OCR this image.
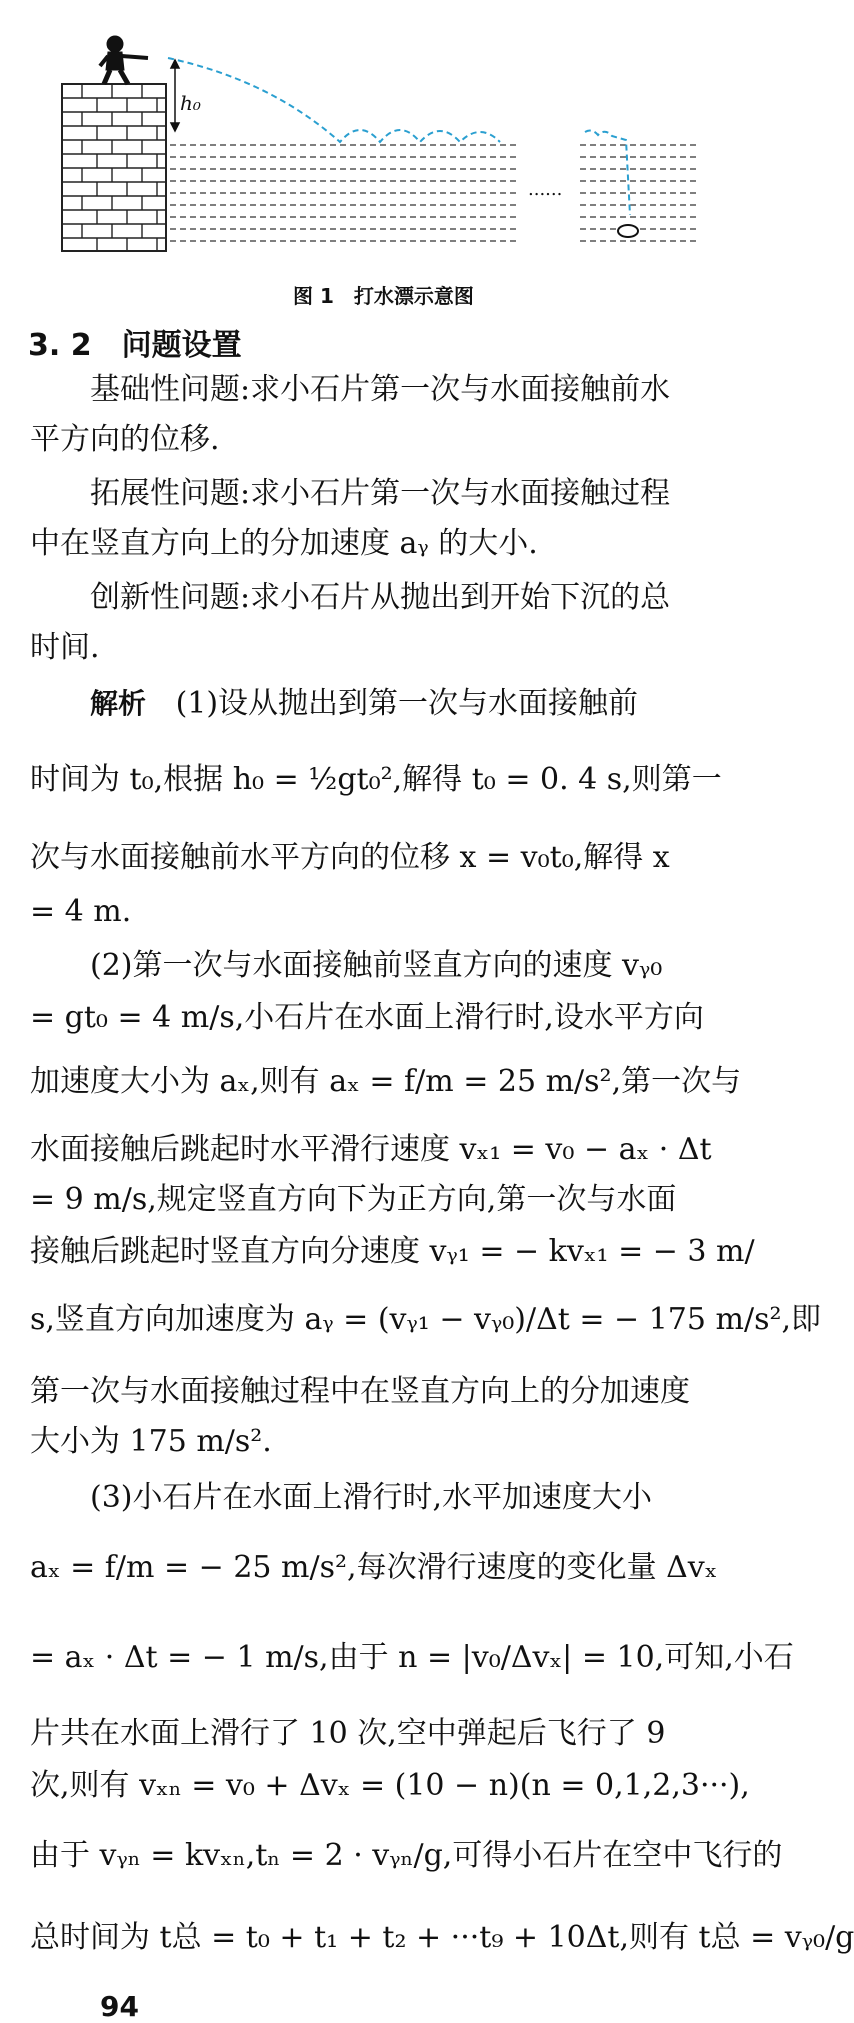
h₀
......
图 1　打水漂示意图
3. 2　问题设置
基础性问题:求小石片第一次与水面接触前水
平方向的位移.
拓展性问题:求小石片第一次与水面接触过程
中在竖直方向上的分加速度 aᵧ 的大小.
创新性问题:求小石片从抛出到开始下沉的总
时间.
解析 (1)设从抛出到第一次与水面接触前
时间为 t₀,根据 h₀ = ½gt₀²,解得 t₀ = 0. 4 s,则第一
次与水面接触前水平方向的位移 x = v₀t₀,解得 x
= 4 m.
(2)第一次与水面接触前竖直方向的速度 vᵧ₀
= gt₀ = 4 m/s,小石片在水面上滑行时,设水平方向
加速度大小为 aₓ,则有 aₓ = f/m = 25 m/s²,第一次与
水面接触后跳起时水平滑行速度 vₓ₁ = v₀ − aₓ · Δt
= 9 m/s,规定竖直方向下为正方向,第一次与水面
接触后跳起时竖直方向分速度 vᵧ₁ = − kvₓ₁ = − 3 m/
s,竖直方向加速度为 aᵧ = (vᵧ₁ − vᵧ₀)/Δt = − 175 m/s²,即
第一次与水面接触过程中在竖直方向上的分加速度
大小为 175 m/s².
(3)小石片在水面上滑行时,水平加速度大小
aₓ = f/m = − 25 m/s²,每次滑行速度的变化量 Δvₓ
= aₓ · Δt = − 1 m/s,由于 n = |v₀/Δvₓ| = 10,可知,小石
片共在水面上滑行了 10 次,空中弹起后飞行了 9
次,则有 vₓₙ = v₀ + Δvₓ = (10 − n)(n = 0,1,2,3···),
由于 vᵧₙ = kvₓₙ,tₙ = 2 · vᵧₙ/g,可得小石片在空中飞行的
总时间为 t总 = t₀ + t₁ + t₂ + ···t₉ + 10Δt,则有 t总 = vᵧ₀/g
94
